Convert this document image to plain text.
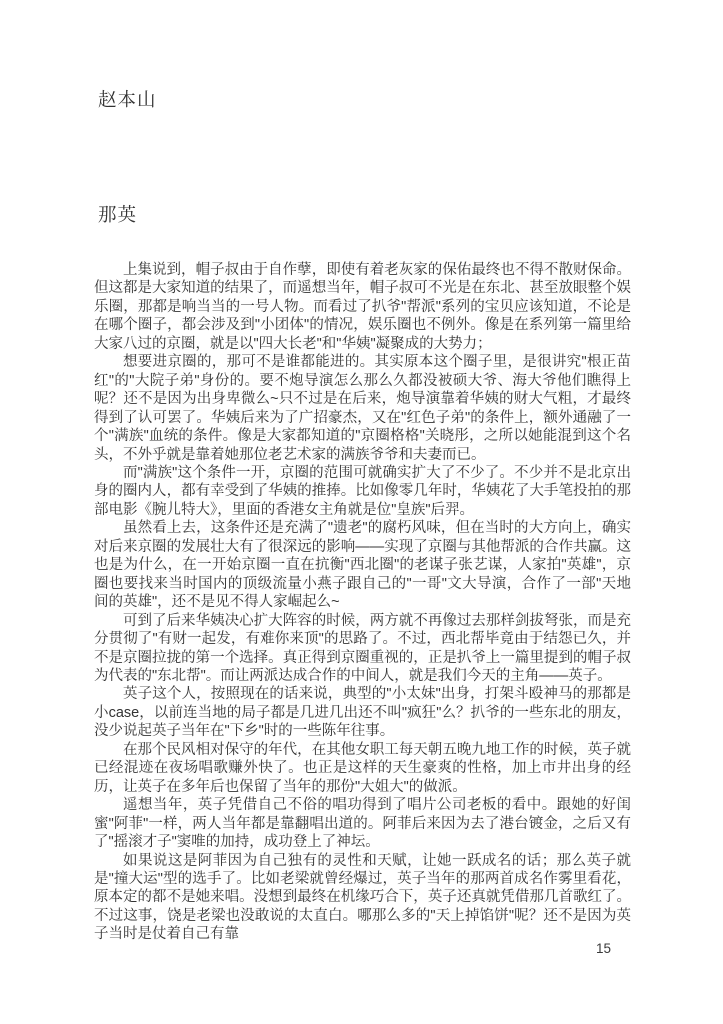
赵本山
那英

上集说到，帽子叔由于自作孽，即使有着老灰家的保佑最终也不得不散财保命。但这都是大家知道的结果了，而遥想当年，帽子叔可不光是在东北、甚至放眼整个娱乐圈，那都是响当当的一号人物。而看过了扒爷"帮派"系列的宝贝应该知道，不论是在哪个圈子，都会涉及到"小团体"的情况，娱乐圈也不例外。像是在系列第一篇里给大家八过的京圈，就是以"四大长老"和"华姨"凝聚成的大势力；

想要进京圈的，那可不是谁都能进的。其实原本这个圈子里，是很讲究"根正苗红"的"大院子弟"身份的。要不炮导演怎么那么久都没被硕大爷、海大爷他们瞧得上呢？还不是因为出身卑微么~只不过是在后来，炮导演靠着华姨的财大气粗，才最终得到了认可罢了。华姨后来为了广招豪杰，又在"红色子弟"的条件上，额外通融了一个"满族"血统的条件。像是大家都知道的"京圈格格"关晓彤，之所以她能混到这个名头，不外乎就是靠着她那位老艺术家的满族爷爷和夫妻而已。

而"满族"这个条件一开，京圈的范围可就确实扩大了不少了。不少并不是北京出身的圈内人，都有幸受到了华姨的推捧。比如像零几年时，华姨花了大手笔投拍的那部电影《腕儿特大》，里面的香港女主角就是位"皇族"后羿。

虽然看上去，这条件还是充满了"遗老"的腐朽风味，但在当时的大方向上，确实对后来京圈的发展壮大有了很深远的影响——实现了京圈与其他帮派的合作共赢。这也是为什么，在一开始京圈一直在抗衡"西北圈"的老谋子张艺谋，人家拍"英雄"，京圈也要找来当时国内的顶级流量小燕子跟自己的"一哥"文大导演，合作了一部"天地间的英雄"，还不是见不得人家崛起么~

可到了后来华姨决心扩大阵容的时候，两方就不再像过去那样剑拔弩张，而是充分贯彻了"有财一起发，有难你来顶"的思路了。不过，西北帮毕竟由于结怨已久，并不是京圈拉拢的第一个选择。真正得到京圈重视的，正是扒爷上一篇里提到的帽子叔为代表的"东北帮"。而让两派达成合作的中间人，就是我们今天的主角——英子。

英子这个人，按照现在的话来说，典型的"小太妹"出身，打架斗殴神马的那都是小case，以前连当地的局子都是几进几出还不叫"疯狂"么？扒爷的一些东北的朋友，没少说起英子当年在"下乡"时的一些陈年往事。

在那个民风相对保守的年代，在其他女职工每天朝五晚九地工作的时候，英子就已经混迹在夜场唱歌赚外快了。也正是这样的天生豪爽的性格，加上市井出身的经历，让英子在多年后也保留了当年的那份"大姐大"的做派。

遥想当年，英子凭借自己不俗的唱功得到了唱片公司老板的看中。跟她的好闺蜜"阿菲"一样，两人当年都是靠翻唱出道的。阿菲后来因为去了港台镀金，之后又有了"摇滚才子"窦唯的加持，成功登上了神坛。

如果说这是阿菲因为自己独有的灵性和天赋，让她一跃成名的话；那么英子就是"撞大运"型的选手了。比如老梁就曾经爆过，英子当年的那两首成名作雾里看花，原本定的都不是她来唱。没想到最终在机缘巧合下，英子还真就凭借那几首歌红了。不过这事，饶是老梁也没敢说的太直白。哪那么多的"天上掉馅饼"呢？还不是因为英子当时是仗着自己有靠

15
